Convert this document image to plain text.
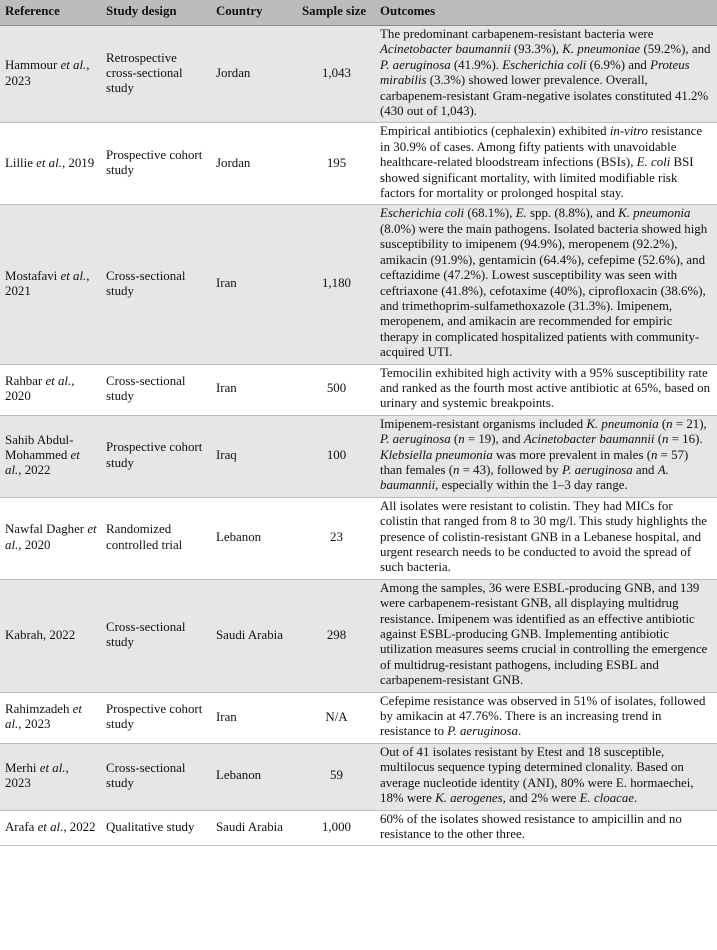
Reference	Study design	Country	Sample size	Outcomes
Hammour et al., 2023	Retrospective cross-sectional study	Jordan	1,043	The predominant carbapenem-resistant bacteria were Acinetobacter baumannii (93.3%), K. pneumoniae (59.2%), and P. aeruginosa (41.9%). Escherichia coli (6.9%) and Proteus mirabilis (3.3%) showed lower prevalence. Overall, carbapenem-resistant Gram-negative isolates constituted 41.2% (430 out of 1,043).
Lillie et al., 2019	Prospective cohort study	Jordan	195	Empirical antibiotics (cephalexin) exhibited in-vitro resistance in 30.9% of cases. Among fifty patients with unavoidable healthcare-related bloodstream infections (BSIs), E. coli BSI showed significant mortality, with limited modifiable risk factors for mortality or prolonged hospital stay.
Mostafavi et al., 2021	Cross-sectional study	Iran	1,180	Escherichia coli (68.1%), E. spp. (8.8%), and K. pneumonia (8.0%) were the main pathogens. Isolated bacteria showed high susceptibility to imipenem (94.9%), meropenem (92.2%), amikacin (91.9%), gentamicin (64.4%), cefepime (52.6%), and ceftazidime (47.2%). Lowest susceptibility was seen with ceftriaxone (41.8%), cefotaxime (40%), ciprofloxacin (38.6%), and trimethoprim-sulfamethoxazole (31.3%). Imipenem, meropenem, and amikacin are recommended for empiric therapy in complicated hospitalized patients with community-acquired UTI.
Rahbar et al., 2020	Cross-sectional study	Iran	500	Temocilin exhibited high activity with a 95% susceptibility rate and ranked as the fourth most active antibiotic at 65%, based on urinary and systemic breakpoints.
Sahib Abdul-Mohammed et al., 2022	Prospective cohort study	Iraq	100	Imipenem-resistant organisms included K. pneumonia (n = 21), P. aeruginosa (n = 19), and Acinetobacter baumannii (n = 16). Klebsiella pneumonia was more prevalent in males (n = 57) than females (n = 43), followed by P. aeruginosa and A. baumannii, especially within the 1–3 day range.
Nawfal Dagher et al., 2020	Randomized controlled trial	Lebanon	23	All isolates were resistant to colistin. They had MICs for colistin that ranged from 8 to 30 mg/l. This study highlights the presence of colistin-resistant GNB in a Lebanese hospital, and urgent research needs to be conducted to avoid the spread of such bacteria.
Kabrah, 2022	Cross-sectional study	Saudi Arabia	298	Among the samples, 36 were ESBL-producing GNB, and 139 were carbapenem-resistant GNB, all displaying multidrug resistance. Imipenem was identified as an effective antibiotic against ESBL-producing GNB. Implementing antibiotic utilization measures seems crucial in controlling the emergence of multidrug-resistant pathogens, including ESBL and carbapenem-resistant GNB.
Rahimzadeh et al., 2023	Prospective cohort study	Iran	N/A	Cefepime resistance was observed in 51% of isolates, followed by amikacin at 47.76%. There is an increasing trend in resistance to P. aeruginosa.
Merhi et al., 2023	Cross-sectional study	Lebanon	59	Out of 41 isolates resistant by Etest and 18 susceptible, multilocus sequence typing determined clonality. Based on average nucleotide identity (ANI), 80% were E. hormaechei, 18% were K. aerogenes, and 2% were E. cloacae.
Arafa et al., 2022	Qualitative study	Saudi Arabia	1,000	60% of the isolates showed resistance to ampicillin and no resistance to the other three.
